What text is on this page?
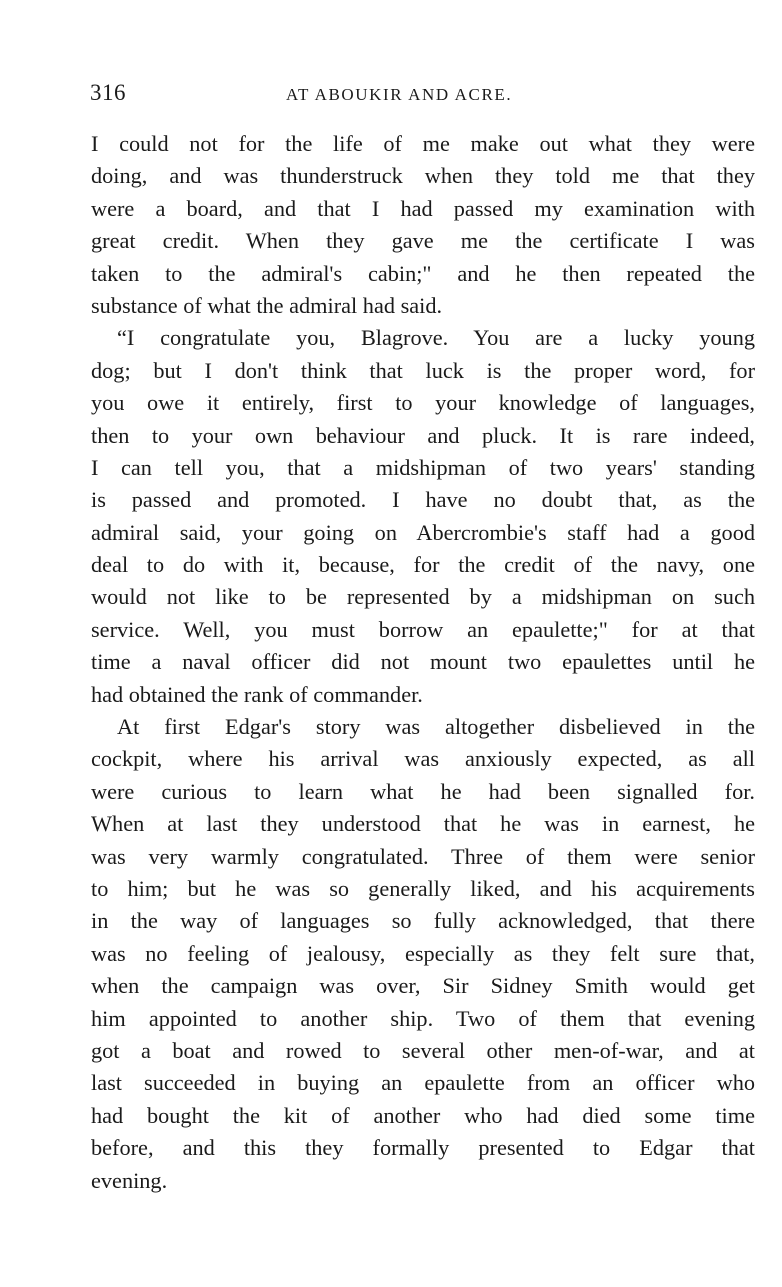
316	AT ABOUKIR AND ACRE.
I could not for the life of me make out what they were
doing, and was thunderstruck when they told me that they
were a board, and that I had passed my examination with
great credit. When they gave me the certificate I was
taken to the admiral's cabin;" and he then repeated the
substance of what the admiral had said.
“I congratulate you, Blagrove. You are a lucky young
dog; but I don't think that luck is the proper word, for
you owe it entirely, first to your knowledge of languages,
then to your own behaviour and pluck. It is rare indeed,
I can tell you, that a midshipman of two years' standing
is passed and promoted. I have no doubt that, as the
admiral said, your going on Abercrombie's staff had a good
deal to do with it, because, for the credit of the navy, one
would not like to be represented by a midshipman on such
service. Well, you must borrow an epaulette;" for at that
time a naval officer did not mount two epaulettes until he
had obtained the rank of commander.
At first Edgar's story was altogether disbelieved in the
cockpit, where his arrival was anxiously expected, as all
were curious to learn what he had been signalled for.
When at last they understood that he was in earnest, he
was very warmly congratulated. Three of them were senior
to him; but he was so generally liked, and his acquirements
in the way of languages so fully acknowledged, that there
was no feeling of jealousy, especially as they felt sure that,
when the campaign was over, Sir Sidney Smith would get
him appointed to another ship. Two of them that evening
got a boat and rowed to several other men-of-war, and at
last succeeded in buying an epaulette from an officer who
had bought the kit of another who had died some time
before, and this they formally presented to Edgar that
evening.
